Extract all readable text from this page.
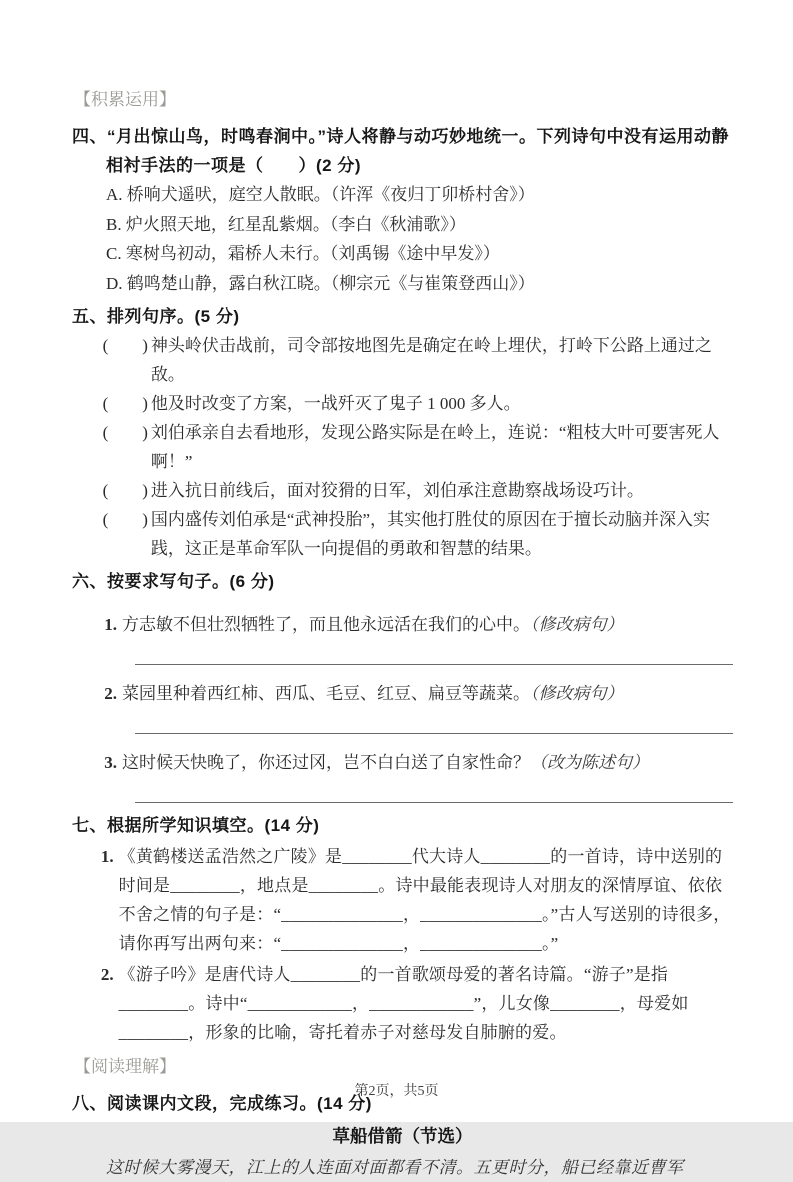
【积累运用】
四、“月出惊山鸟，时鸣春涧中。”诗人将静与动巧妙地统一。下列诗句中没有运用动静相衬手法的一项是（　　）(2 分)
A. 桥响犬遥吠，庭空人散眠。（许浑《夜归丁卯桥村舍》）
B. 炉火照天地，红星乱紫烟。（李白《秋浦歌》）
C. 寒树鸟初动，霜桥人未行。（刘禹锡《途中早发》）
D. 鹤鸣楚山静，露白秋江晓。（柳宗元《与崔策登西山》）
五、排列句序。(5 分)
(　　) 神头岭伏击战前，司令部按地图先是确定在岭上埋伏，打岭下公路上通过之敌。
(　　) 他及时改变了方案，一战歼灭了鬼子 1 000 多人。
(　　) 刘伯承亲自去看地形，发现公路实际是在岭上，连说：“粗枝大叶可要害死人啊！”
(　　) 进入抗日前线后，面对狡猾的日军，刘伯承注意勘察战场设巧计。
(　　) 国内盛传刘伯承是“武神投胎”，其实他打胜仗的原因在于擅长动脑并深入实践，这正是革命军队一向提倡的勇敢和智慧的结果。
六、按要求写句子。(6 分)
1. 方志敏不但壮烈牺牲了，而且他永远活在我们的心中。（修改病句）
2. 菜园里种着西红柿、西瓜、毛豆、红豆、扁豆等蔬菜。（修改病句）
3. 这时候天快晚了，你还过冈，岂不白白送了自家性命？（改为陈述句）
七、根据所学知识填空。(14 分)
1. 《黄鹤楼送孟浩然之广陵》是________代大诗人________的一首诗，诗中送别的时间是________，地点是________。诗中最能表现诗人对朋友的深情厚谊、依依不舍之情的句子是：“______________，______________。”古人写送别的诗很多，请你再写出两句来：“______________，______________。”
2. 《游子吟》是唐代诗人________的一首歌颂母爱的著名诗篇。“游子”是指________。诗中“____________，____________”，儿女像________，母爱如________，形象的比喻，寄托着赤子对慈母发自肺腑的爱。
【阅读理解】
八、阅读课内文段，完成练习。(14 分)
草船借箭（节选）
这时候大雾漫天，江上的人连面对面都看不清。五更时分，船已经靠近曹军
第2页，共5页
